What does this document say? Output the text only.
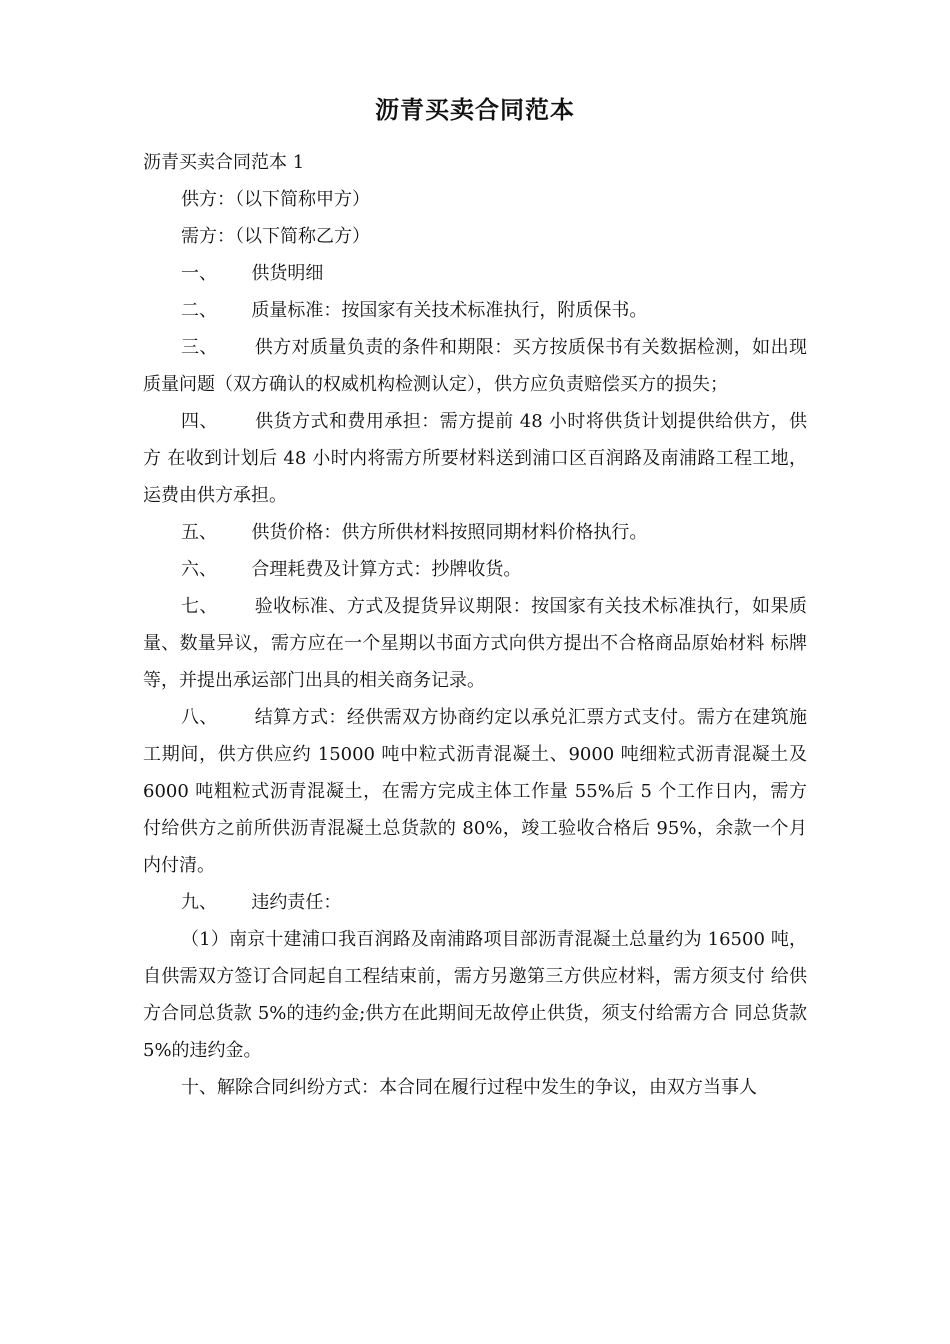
沥青买卖合同范本

沥青买卖合同范本 1

供方：（以下简称甲方）

需方：（以下简称乙方）

一、      供货明细

二、      质量标准：按国家有关技术标准执行，附质保书。

三、      供方对质量负责的条件和期限：买方按质保书有关数据检测，如出现 质量问题（双方确认的权威机构检测认定），供方应负责赔偿买方的损失；

四、      供货方式和费用承担：需方提前 48 小时将供货计划提供给供方，供方 在收到计划后 48 小时内将需方所要材料送到浦口区百润路及南浦路工程工地， 运费由供方承担。

五、      供货价格：供方所供材料按照同期材料价格执行。

六、      合理耗费及计算方式：抄牌收货。

七、      验收标准、方式及提货异议期限：按国家有关技术标准执行，如果质 量、数量异议，需方应在一个星期以书面方式向供方提出不合格商品原始材料 标牌等，并提出承运部门出具的相关商务记录。

八、      结算方式：经供需双方协商约定以承兑汇票方式支付。需方在建筑施 工期间，供方供应约 15000 吨中粒式沥青混凝土、9000 吨细粒式沥青混凝土及 6000 吨粗粒式沥青混凝土，在需方完成主体工作量 55%后 5 个工作日内，需方 付给供方之前所供沥青混凝土总货款的 80%，竣工验收合格后 95%，余款一个月 内付清。

九、      违约责任：

（1）南京十建浦口我百润路及南浦路项目部沥青混凝土总量约为 16500 吨， 自供需双方签订合同起自工程结束前，需方另邀第三方供应材料，需方须支付 给供方合同总货款 5%的违约金;供方在此期间无故停止供货，须支付给需方合 同总货款 5%的违约金。

十、解除合同纠纷方式：本合同在履行过程中发生的争议，由双方当事人
